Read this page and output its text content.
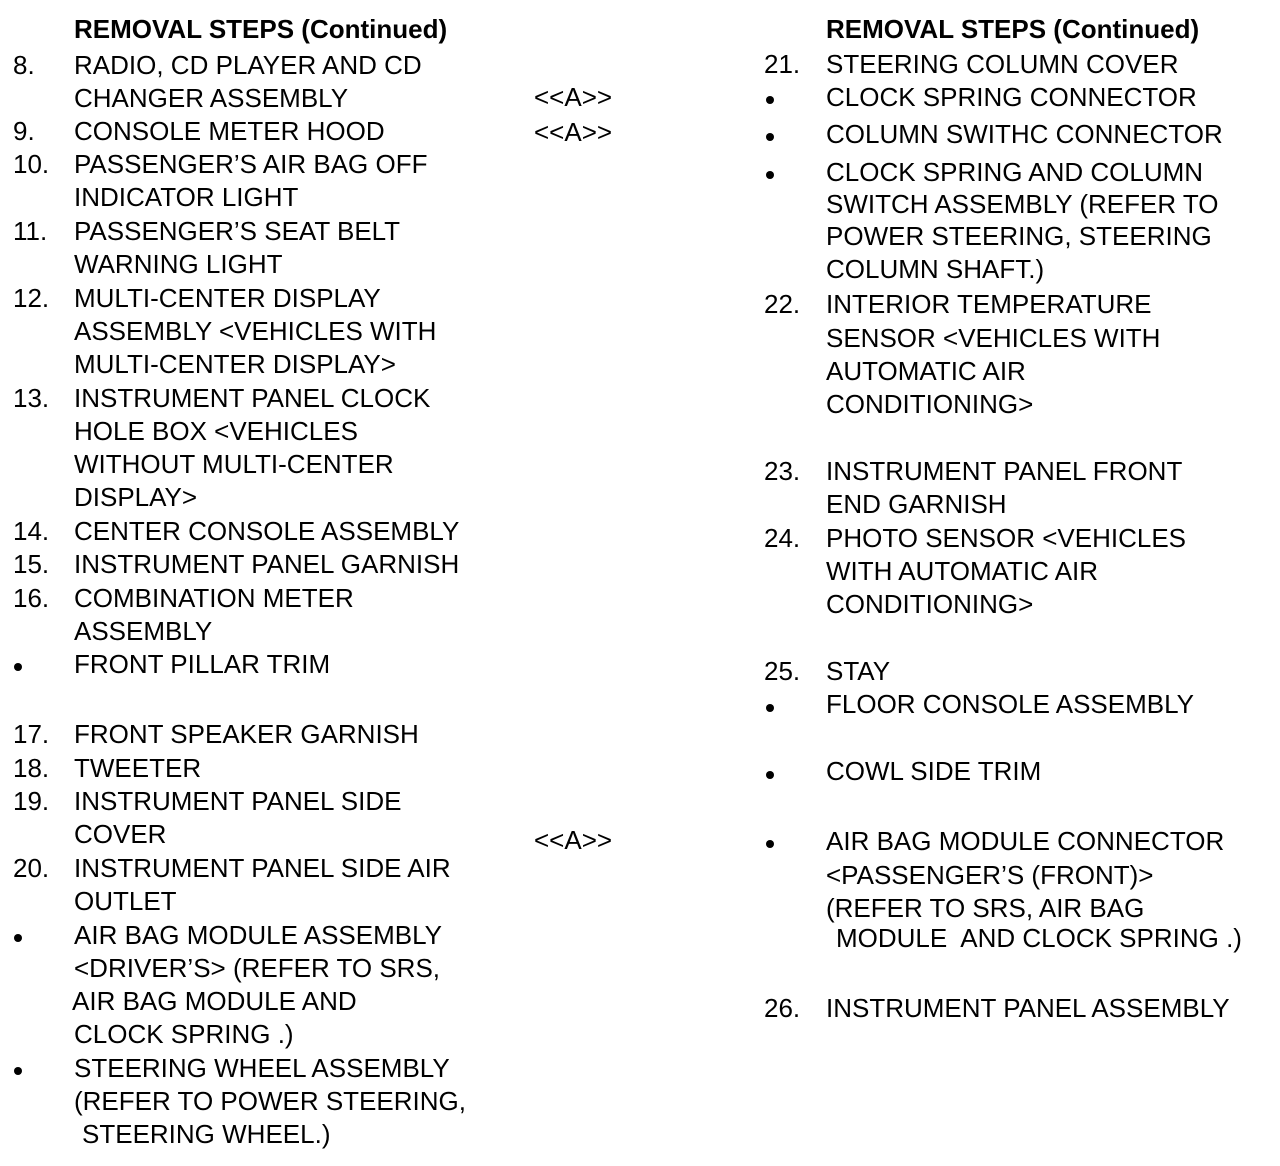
REMOVAL STEPS (Continued)
8. RADIO, CD PLAYER AND CD
CHANGER ASSEMBLY
9. CONSOLE METER HOOD
10. PASSENGER’S AIR BAG OFF
INDICATOR LIGHT
11. PASSENGER’S SEAT BELT
WARNING LIGHT
12. MULTI-CENTER DISPLAY
ASSEMBLY <VEHICLES WITH
MULTI-CENTER DISPLAY>
13. INSTRUMENT PANEL CLOCK
HOLE BOX <VEHICLES
WITHOUT MULTI-CENTER
DISPLAY>
14. CENTER CONSOLE ASSEMBLY
15. INSTRUMENT PANEL GARNISH
16. COMBINATION METER
ASSEMBLY
FRONT PILLAR TRIM
17. FRONT SPEAKER GARNISH
18. TWEETER
19. INSTRUMENT PANEL SIDE
COVER
20. INSTRUMENT PANEL SIDE AIR
OUTLET
AIR BAG MODULE ASSEMBLY
<DRIVER’S> (REFER TO SRS,
AIR BAG MODULE AND
CLOCK SPRING .)
STEERING WHEEL ASSEMBLY
(REFER TO POWER STEERING,
STEERING WHEEL.)
<<A>>
<<A>>
<<A>>
REMOVAL STEPS (Continued)
21. STEERING COLUMN COVER
CLOCK SPRING CONNECTOR
COLUMN SWITHC CONNECTOR
CLOCK SPRING AND COLUMN
SWITCH ASSEMBLY (REFER TO
POWER STEERING, STEERING
COLUMN SHAFT.)
22. INTERIOR TEMPERATURE
SENSOR <VEHICLES WITH
AUTOMATIC AIR
CONDITIONING>
23. INSTRUMENT PANEL FRONT
END GARNISH
24. PHOTO SENSOR <VEHICLES
WITH AUTOMATIC AIR
CONDITIONING>
25. STAY
FLOOR CONSOLE ASSEMBLY
COWL SIDE TRIM
AIR BAG MODULE CONNECTOR
<PASSENGER’S (FRONT)>
(REFER TO SRS, AIR BAG
MODULE  AND CLOCK SPRING .)
26. INSTRUMENT PANEL ASSEMBLY
